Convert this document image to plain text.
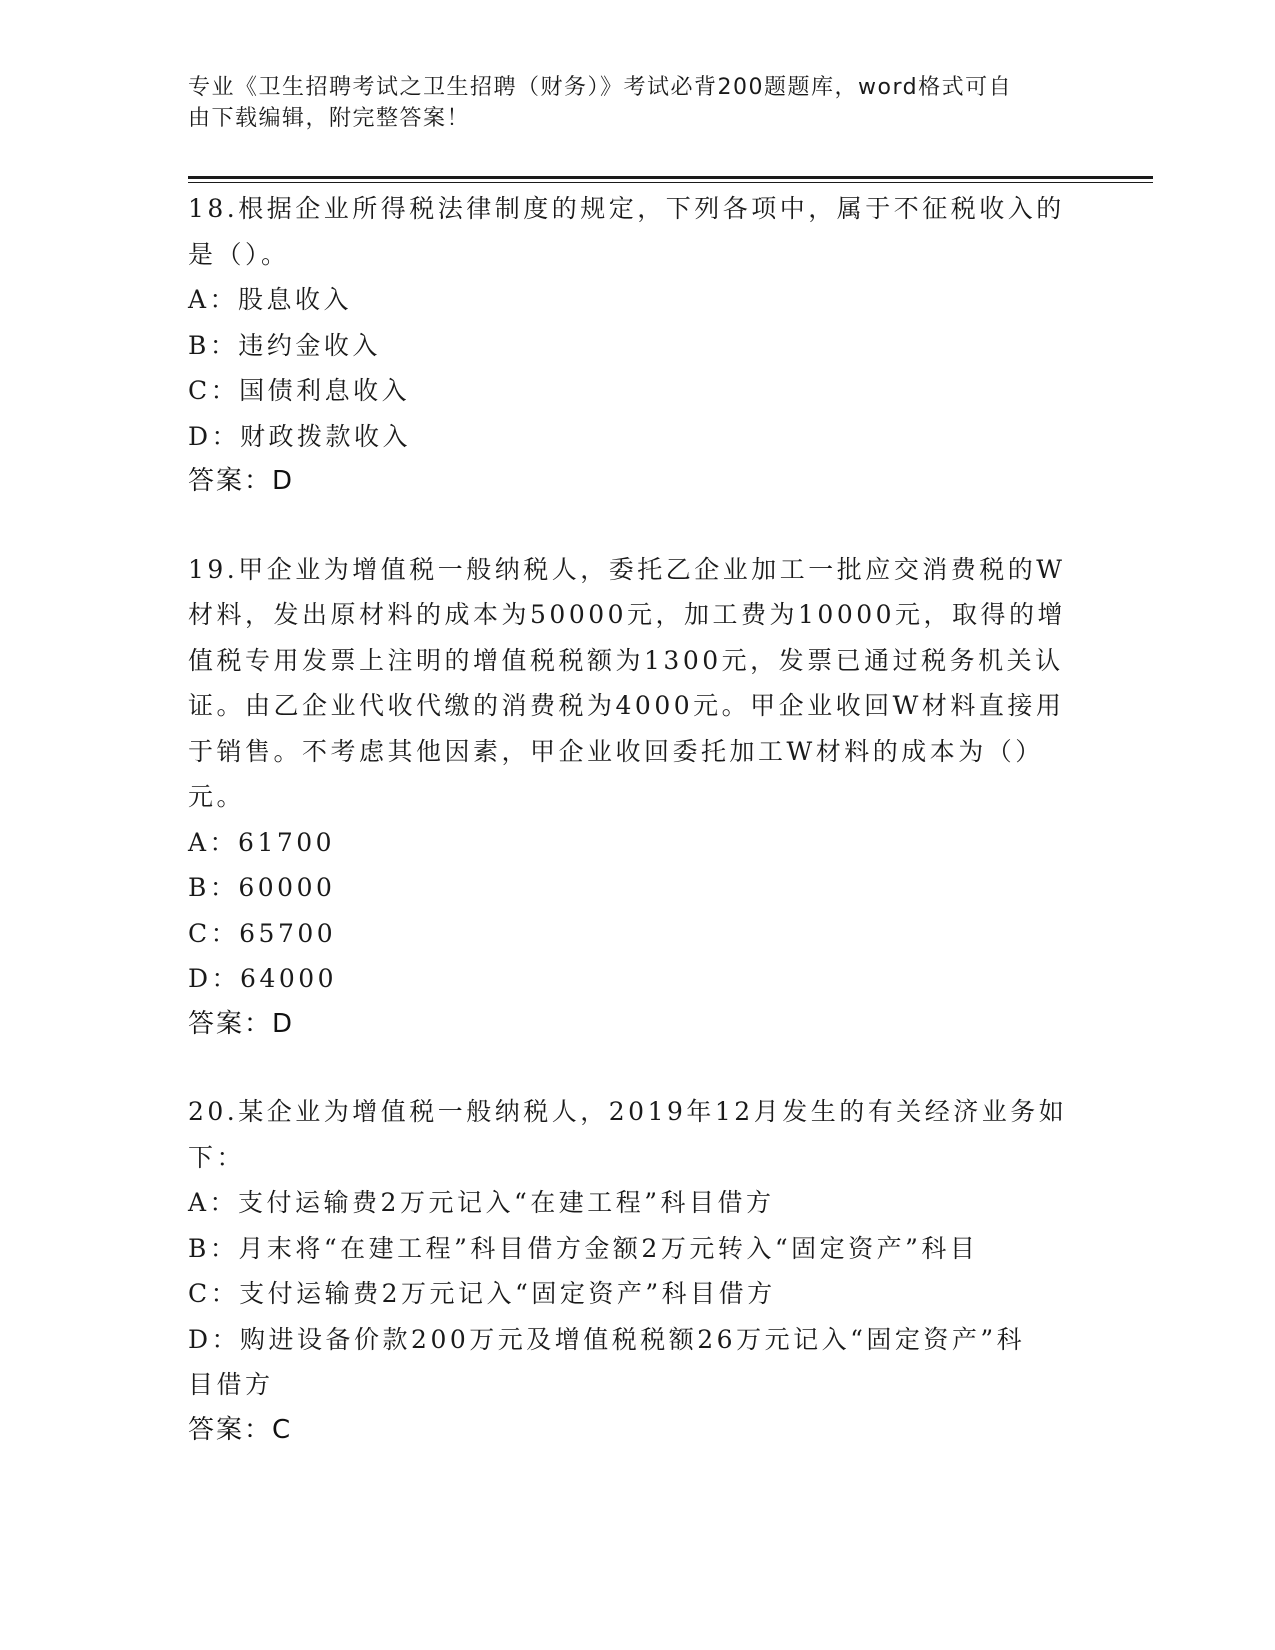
专业《卫生招聘考试之卫生招聘（财务）》考试必背200题题库，word格式可自
由下载编辑，附完整答案！
18.根据企业所得税法律制度的规定，下列各项中，属于不征税收入的
是（）。
A：股息收入
B：违约金收入
C：国债利息收入
D：财政拨款收入
答案：D
19.甲企业为增值税一般纳税人，委托乙企业加工一批应交消费税的W
材料，发出原材料的成本为50000元，加工费为10000元，取得的增
值税专用发票上注明的增值税税额为1300元，发票已通过税务机关认
证。由乙企业代收代缴的消费税为4000元。甲企业收回W材料直接用
于销售。不考虑其他因素，甲企业收回委托加工W材料的成本为（）
元。
A：61700
B：60000
C：65700
D：64000
答案：D
20.某企业为增值税一般纳税人，2019年12月发生的有关经济业务如
下：
A：支付运输费2万元记入“在建工程”科目借方
B：月末将“在建工程”科目借方金额2万元转入“固定资产”科目
C：支付运输费2万元记入“固定资产”科目借方
D：购进设备价款200万元及增值税税额26万元记入“固定资产”科
目借方
答案：C
